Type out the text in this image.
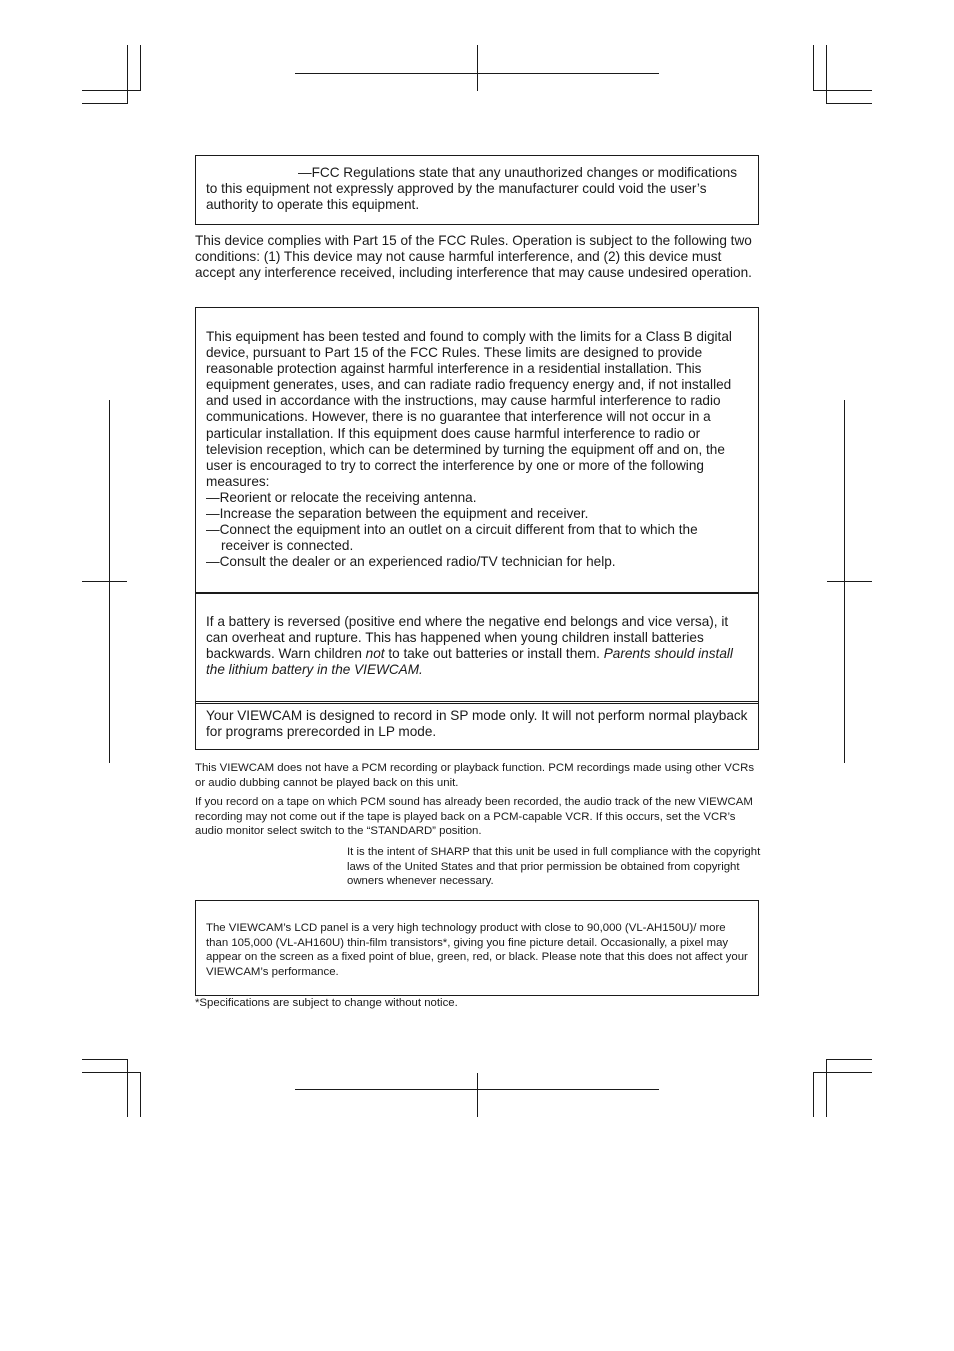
—FCC Regulations state that any unauthorized changes or modifications to this equipment not expressly approved by the manufacturer could void the user’s authority to operate this equipment.

This device complies with Part 15 of the FCC Rules. Operation is subject to the following two conditions: (1) This device may not cause harmful interference, and (2) this device must accept any interference received, including interference that may cause undesired operation.

This equipment has been tested and found to comply with the limits for a Class B digital device, pursuant to Part 15 of the FCC Rules. These limits are designed to provide reasonable protection against harmful interference in a residential installation. This equipment generates, uses, and can radiate radio frequency energy and, if not installed and used in accordance with the instructions, may cause harmful interference to radio communications. However, there is no guarantee that interference will not occur in a particular installation. If this equipment does cause harmful interference to radio or television reception, which can be determined by turning the equipment off and on, the user is encouraged to try to correct the interference by one or more of the following measures:

—Reorient or relocate the receiving antenna.
—Increase the separation between the equipment and receiver.
—Connect the equipment into an outlet on a circuit different from that to which the receiver is connected.
—Consult the dealer or an experienced radio/TV technician for help.

If a battery is reversed (positive end where the negative end belongs and vice versa), it can overheat and rupture. This has happened when young children install batteries backwards. Warn children not to take out batteries or install them. Parents should install the lithium battery in the VIEWCAM.

Your VIEWCAM is designed to record in SP mode only. It will not perform normal playback for programs prerecorded in LP mode.

This VIEWCAM does not have a PCM recording or playback function. PCM recordings made using other VCRs or audio dubbing cannot be played back on this unit.

If you record on a tape on which PCM sound has already been recorded, the audio track of the new VIEWCAM recording may not come out if the tape is played back on a PCM-capable VCR. If this occurs, set the VCR’s audio monitor select switch to the “STANDARD” position.

It is the intent of SHARP that this unit be used in full compliance with the copyright laws of the United States and that prior permission be obtained from copyright owners whenever necessary.

The VIEWCAM’s LCD panel is a very high technology product with close to 90,000 (VL-AH150U)/ more than 105,000 (VL-AH160U) thin-film transistors*, giving you fine picture detail. Occasionally, a pixel may appear on the screen as a fixed point of blue, green, red, or black. Please note that this does not affect your VIEWCAM’s performance.

*Specifications are subject to change without notice.
